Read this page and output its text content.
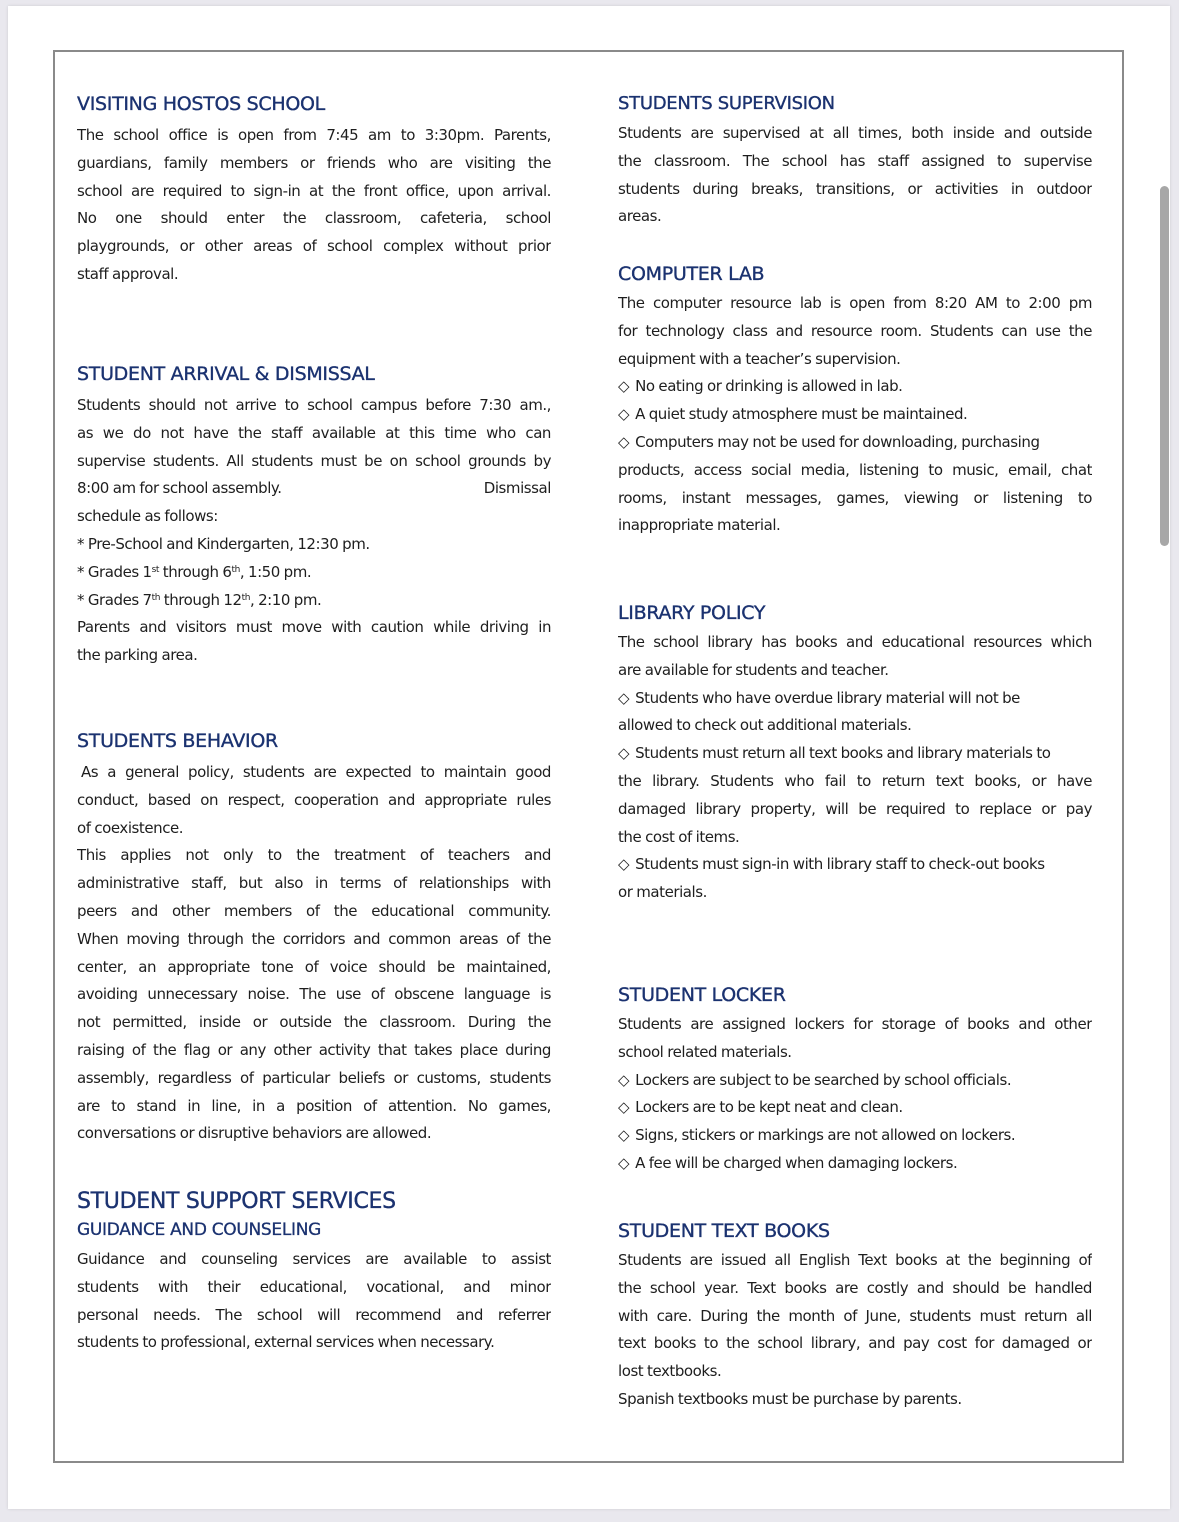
VISITING HOSTOS SCHOOL
The school office is open from 7:45 am to 3:30pm. Parents,
guardians, family members or friends who are visiting the
school are required to sign-in at the front office, upon arrival.
No one should enter the classroom, cafeteria, school
playgrounds, or other areas of school complex without prior
staff approval.
STUDENT ARRIVAL & DISMISSAL
Students should not arrive to school campus before 7:30 am.,
as we do not have the staff available at this time who can
supervise students. All students must be on school grounds by
8:00 am for school assembly.	Dismissal
schedule as follows:
* Pre-School and Kindergarten, 12:30 pm.
* Grades 1st through 6th, 1:50 pm.
* Grades 7th through 12th, 2:10 pm.
Parents and visitors must move with caution while driving in
the parking area.
STUDENTS BEHAVIOR
As a general policy, students are expected to maintain good
conduct, based on respect, cooperation and appropriate rules
of coexistence.
This applies not only to the treatment of teachers and
administrative staff, but also in terms of relationships with
peers and other members of the educational community.
When moving through the corridors and common areas of the
center, an appropriate tone of voice should be maintained,
avoiding unnecessary noise. The use of obscene language is
not permitted, inside or outside the classroom. During the
raising of the flag or any other activity that takes place during
assembly, regardless of particular beliefs or customs, students
are to stand in line, in a position of attention. No games,
conversations or disruptive behaviors are allowed.
STUDENT SUPPORT SERVICES
GUIDANCE AND COUNSELING
Guidance and counseling services are available to assist
students with their educational, vocational, and minor
personal needs. The school will recommend and referrer
students to professional, external services when necessary.
STUDENTS SUPERVISION
Students are supervised at all times, both inside and outside
the classroom. The school has staff assigned to supervise
students during breaks, transitions, or activities in outdoor
areas.
COMPUTER LAB
The computer resource lab is open from 8:20 AM to 2:00 pm
for technology class and resource room. Students can use the
equipment with a teacher’s supervision.
◇ No eating or drinking is allowed in lab.
◇ A quiet study atmosphere must be maintained.
◇ Computers may not be used for downloading, purchasing
products, access social media, listening to music, email, chat
rooms, instant messages, games, viewing or listening to
inappropriate material.
LIBRARY POLICY
The school library has books and educational resources which
are available for students and teacher.
◇ Students who have overdue library material will not be
allowed to check out additional materials.
◇ Students must return all text books and library materials to
the library. Students who fail to return text books, or have
damaged library property, will be required to replace or pay
the cost of items.
◇ Students must sign-in with library staff to check-out books
or materials.
STUDENT LOCKER
Students are assigned lockers for storage of books and other
school related materials.
◇ Lockers are subject to be searched by school officials.
◇ Lockers are to be kept neat and clean.
◇ Signs, stickers or markings are not allowed on lockers.
◇ A fee will be charged when damaging lockers.
STUDENT TEXT BOOKS
Students are issued all English Text books at the beginning of
the school year. Text books are costly and should be handled
with care. During the month of June, students must return all
text books to the school library, and pay cost for damaged or
lost textbooks.
Spanish textbooks must be purchase by parents.
